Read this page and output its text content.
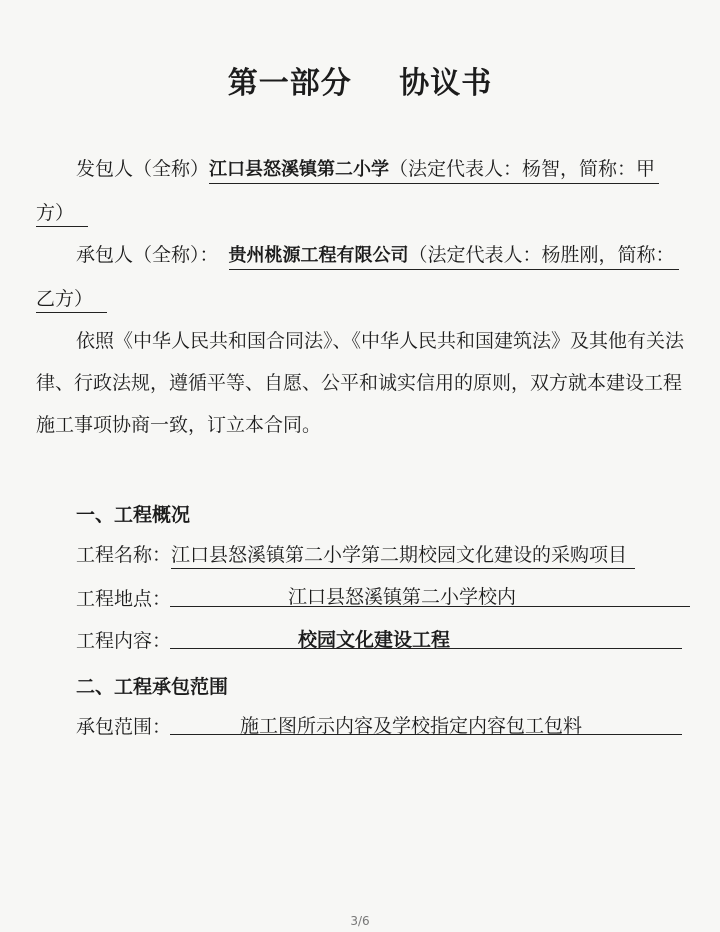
第一部分 协议书
发包人（全称）江口县怒溪镇第二小学（法定代表人：杨智，简称：甲
方）
承包人（全称）： 贵州桃源工程有限公司（法定代表人：杨胜刚，简称：
乙方）
依照《中华人民共和国合同法》、《中华人民共和国建筑法》及其他有关法
律、行政法规，遵循平等、自愿、公平和诚实信用的原则，双方就本建设工程
施工事项协商一致，订立本合同。
一、工程概况
工程名称：江口县怒溪镇第二小学第二期校园文化建设的采购项目
工程地点：	江口县怒溪镇第二小学校内
工程内容：	校园文化建设工程
二、工程承包范围
承包范围：	施工图所示内容及学校指定内容包工包料
3/6
